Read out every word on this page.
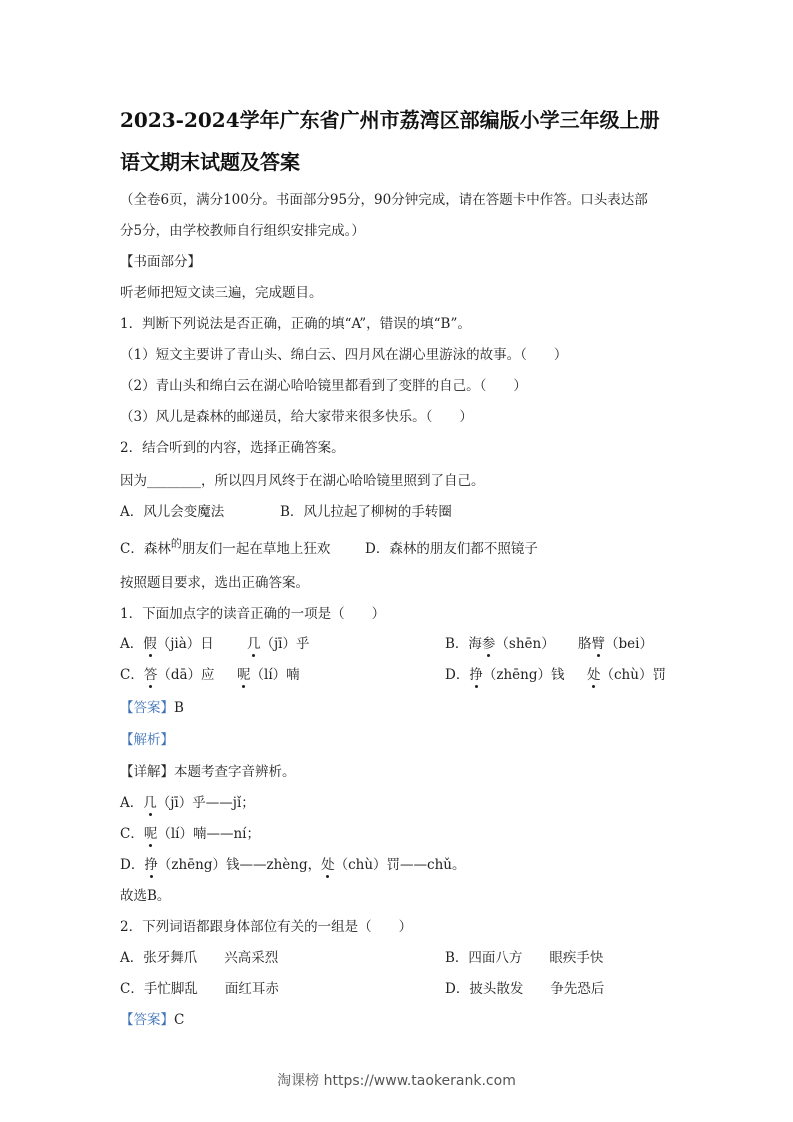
2023-2024学年广东省广州市荔湾区部编版小学三年级上册
语文期末试题及答案
（全卷6页，满分100分。书面部分95分，90分钟完成，请在答题卡中作答。口头表达部
分5分，由学校教师自行组织安排完成。）
【书面部分】
听老师把短文读三遍，完成题目。
1．判断下列说法是否正确，正确的填“A”，错误的填“B”。
（1）短文主要讲了青山头、绵白云、四月风在湖心里游泳的故事。（　　）
（2）青山头和绵白云在湖心哈哈镜里都看到了变胖的自己。（　　）
（3）风儿是森林的邮递员，给大家带来很多快乐。（　　）
2．结合听到的内容，选择正确答案。
因为________，所以四月风终于在湖心哈哈镜里照到了自己。
A．风儿会变魔法	B．风儿拉起了柳树的手转圈
C．森林$^的$朋友们一起在草地上狂欢	D．森林的朋友们都不照镜子
按照题目要求，选出正确答案。
1．下面加点字的读音正确的一项是（　　）
A．假（jià）日 几（jī）乎	B．海参（shēn） 胳臂（bei）
C．答（dā）应 呢（lí）喃	D．挣（zhēng）钱 处（chù）罚
【答案】B
【解析】
【详解】本题考查字音辨析。
A．几（jī）乎——jǐ；
C．呢（lí）喃——ní；
D．挣（zhēng）钱——zhèng，处（chù）罚——chǔ。
故选B。
2．下列词语都跟身体部位有关的一组是（　　）
A．张牙舞爪　　兴高采烈	B．四面八方　　眼疾手快
C．手忙脚乱　　面红耳赤	D．披头散发　　争先恐后
【答案】C
淘课榜 https://www.taokerank.com
